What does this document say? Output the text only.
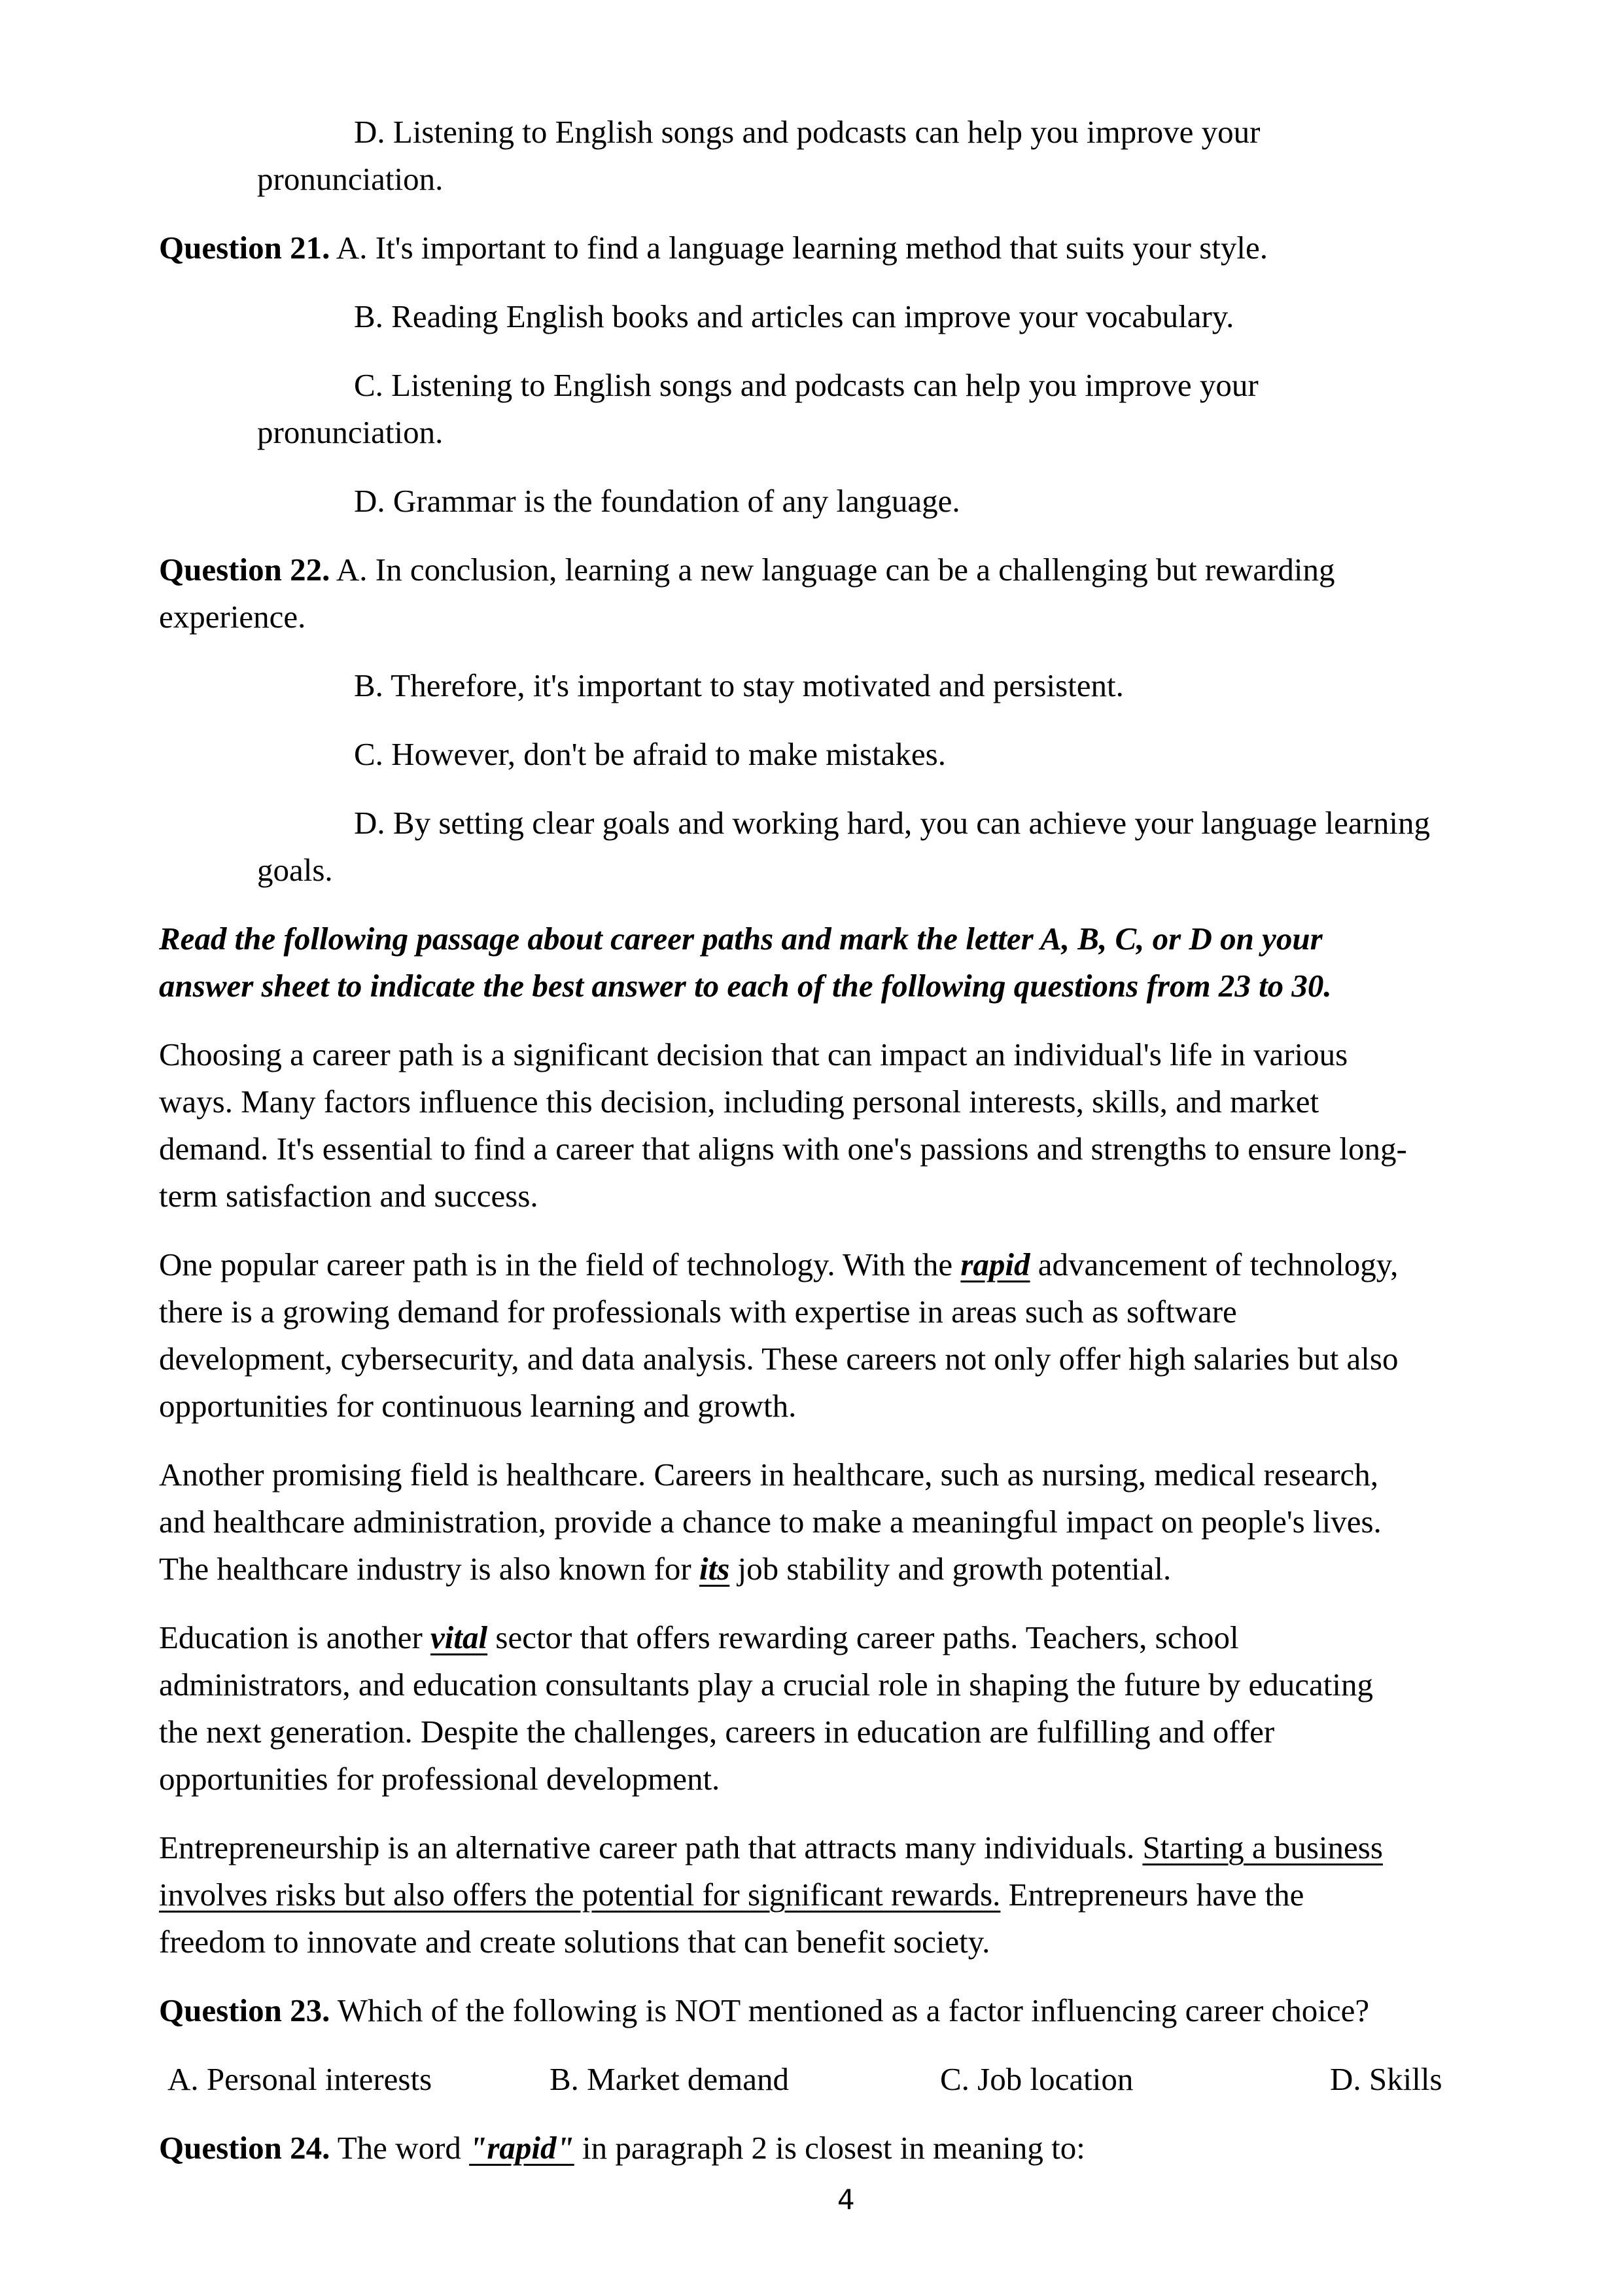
D. Listening to English songs and podcasts can help you improve your
pronunciation.
Question 21. A. It's important to find a language learning method that suits your style.
B. Reading English books and articles can improve your vocabulary.
C. Listening to English songs and podcasts can help you improve your
pronunciation.
D. Grammar is the foundation of any language.
Question 22. A. In conclusion, learning a new language can be a challenging but rewarding
experience.
B. Therefore, it's important to stay motivated and persistent.
C. However, don't be afraid to make mistakes.
D. By setting clear goals and working hard, you can achieve your language learning
goals.
Read the following passage about career paths and mark the letter A, B, C, or D on your
answer sheet to indicate the best answer to each of the following questions from 23 to 30.
Choosing a career path is a significant decision that can impact an individual's life in various
ways. Many factors influence this decision, including personal interests, skills, and market
demand. It's essential to find a career that aligns with one's passions and strengths to ensure long-
term satisfaction and success.
One popular career path is in the field of technology. With the rapid advancement of technology,
there is a growing demand for professionals with expertise in areas such as software
development, cybersecurity, and data analysis. These careers not only offer high salaries but also
opportunities for continuous learning and growth.
Another promising field is healthcare. Careers in healthcare, such as nursing, medical research,
and healthcare administration, provide a chance to make a meaningful impact on people's lives.
The healthcare industry is also known for its job stability and growth potential.
Education is another vital sector that offers rewarding career paths. Teachers, school
administrators, and education consultants play a crucial role in shaping the future by educating
the next generation. Despite the challenges, careers in education are fulfilling and offer
opportunities for professional development.
Entrepreneurship is an alternative career path that attracts many individuals. Starting a business
involves risks but also offers the potential for significant rewards. Entrepreneurs have the
freedom to innovate and create solutions that can benefit society.
Question 23. Which of the following is NOT mentioned as a factor influencing career choice?
A. Personal interests	B. Market demand	C. Job location	D. Skills
Question 24. The word "rapid" in paragraph 2 is closest in meaning to:
4
